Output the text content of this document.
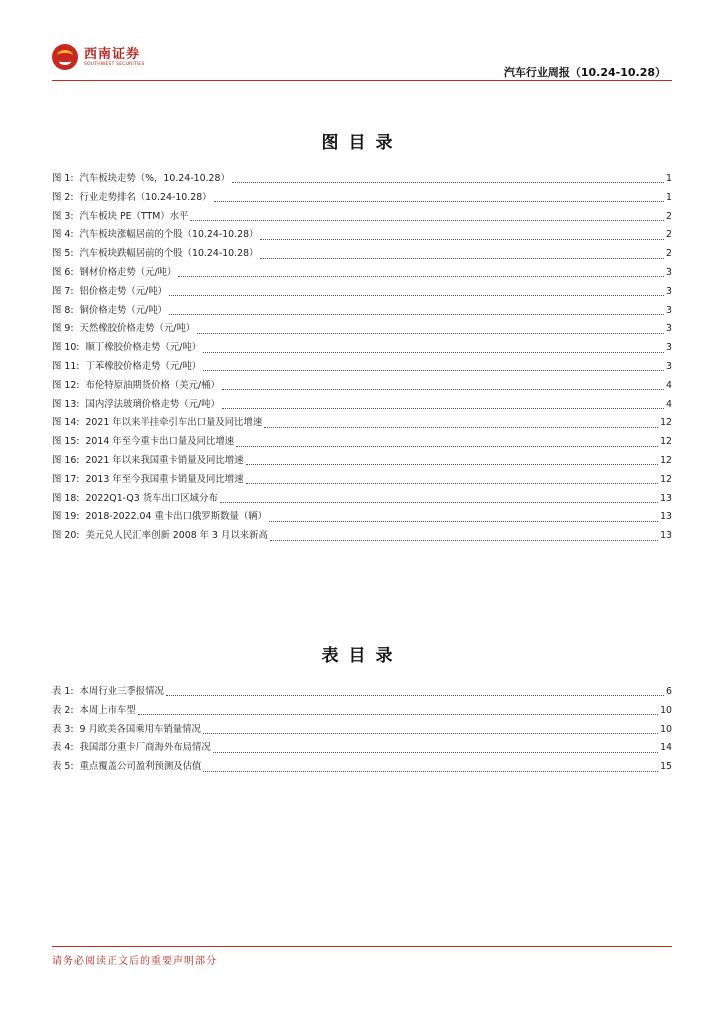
西南证券
SOUTHWEST SECURITIES
汽车行业周报（10.24-10.28）
图目录
图 1: 汽车板块走势（%，10.24-10.28）	1
图 2: 行业走势排名（10.24-10.28）	1
图 3: 汽车板块 PE（TTM）水平	2
图 4: 汽车板块涨幅居前的个股（10.24-10.28）	2
图 5: 汽车板块跌幅居前的个股（10.24-10.28）	2
图 6: 钢材价格走势（元/吨）	3
图 7: 铝价格走势（元/吨）	3
图 8: 铜价格走势（元/吨）	3
图 9: 天然橡胶价格走势（元/吨）	3
图 10: 顺丁橡胶价格走势（元/吨）	3
图 11: 丁苯橡胶价格走势（元/吨）	3
图 12: 布伦特原油期货价格（美元/桶）	4
图 13: 国内浮法玻璃价格走势（元/吨）	4
图 14: 2021 年以来半挂牵引车出口量及同比增速	12
图 15: 2014 年至今重卡出口量及同比增速	12
图 16: 2021 年以来我国重卡销量及同比增速	12
图 17: 2013 年至今我国重卡销量及同比增速	12
图 18: 2022Q1-Q3 货车出口区域分布	13
图 19: 2018-2022.04 重卡出口俄罗斯数量（辆）	13
图 20: 美元兑人民汇率创新 2008 年 3 月以来新高	13
表目录
表 1: 本周行业三季报情况	6
表 2: 本周上市车型	10
表 3: 9 月欧美各国乘用车销量情况	10
表 4: 我国部分重卡厂商海外布局情况	14
表 5: 重点覆盖公司盈利预测及估值	15
请务必阅读正文后的重要声明部分
